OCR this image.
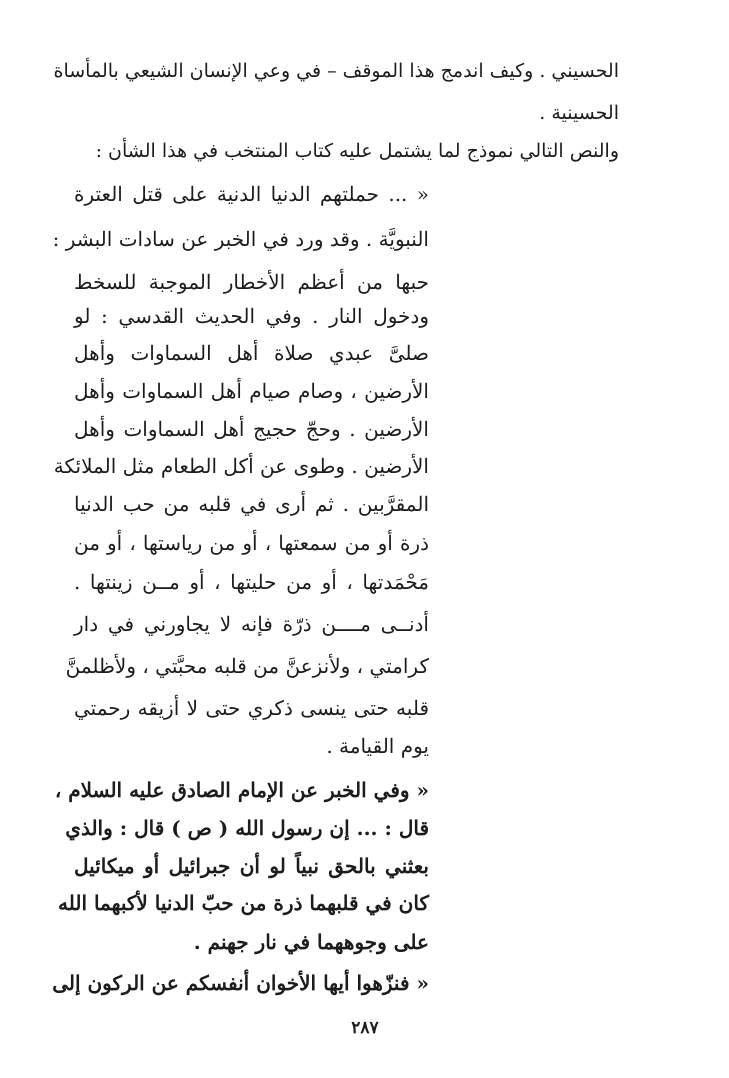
الحسيني . وكيف اندمج هذا الموقف – في وعي الإنسان الشيعي بالمأساة
الحسينية .
والنص التالي نموذج لما يشتمل عليه كتاب المنتخب في هذا الشأن :
« ... حملتهم الدنيا الدنية على قتل العترة
النبويَّة . وقد ورد في الخبر عن سادات البشر :
حبها من أعظم الأخطار الموجبة للسخط
ودخول النار . وفي الحديث القدسي : لو
صلىَّ عبدي صلاة أهل السماوات وأهل
الأرضين ، وصام صيام أهل السماوات وأهل
الأرضين . وحجّ حجيج أهل السماوات وأهل
الأرضين . وطوى عن أكل الطعام مثل الملائكة
المقرَّبين . ثم أرى في قلبه من حب الدنيا
ذرة أو من سمعتها ، أو من رياستها ، أو من
مَحْمَدتها ، أو من حليتها ، أو مــن زينتها .
أدنــى مــــن ذرّة فإنه لا يجاورني في دار
كرامتي ، ولأنزعنَّ من قلبه محبَّتي ، ولأظلمنَّ
قلبه حتى ينسى ذكري حتى لا أزيقه رحمتي
يوم القيامة .
« وفي الخبر عن الإمام الصادق عليه السلام ،
قال : ... إن رسول الله ( ص ) قال : والذي
بعثني بالحق نبياً لو أن جبرائيل أو ميكائيل
كان في قلبهما ذرة من حبّ الدنيا لأكبهما الله
على وجوههما في نار جهنم .
« فنزّهوا أيها الأخوان أنفسكم عن الركون إلى
٢٨٧
